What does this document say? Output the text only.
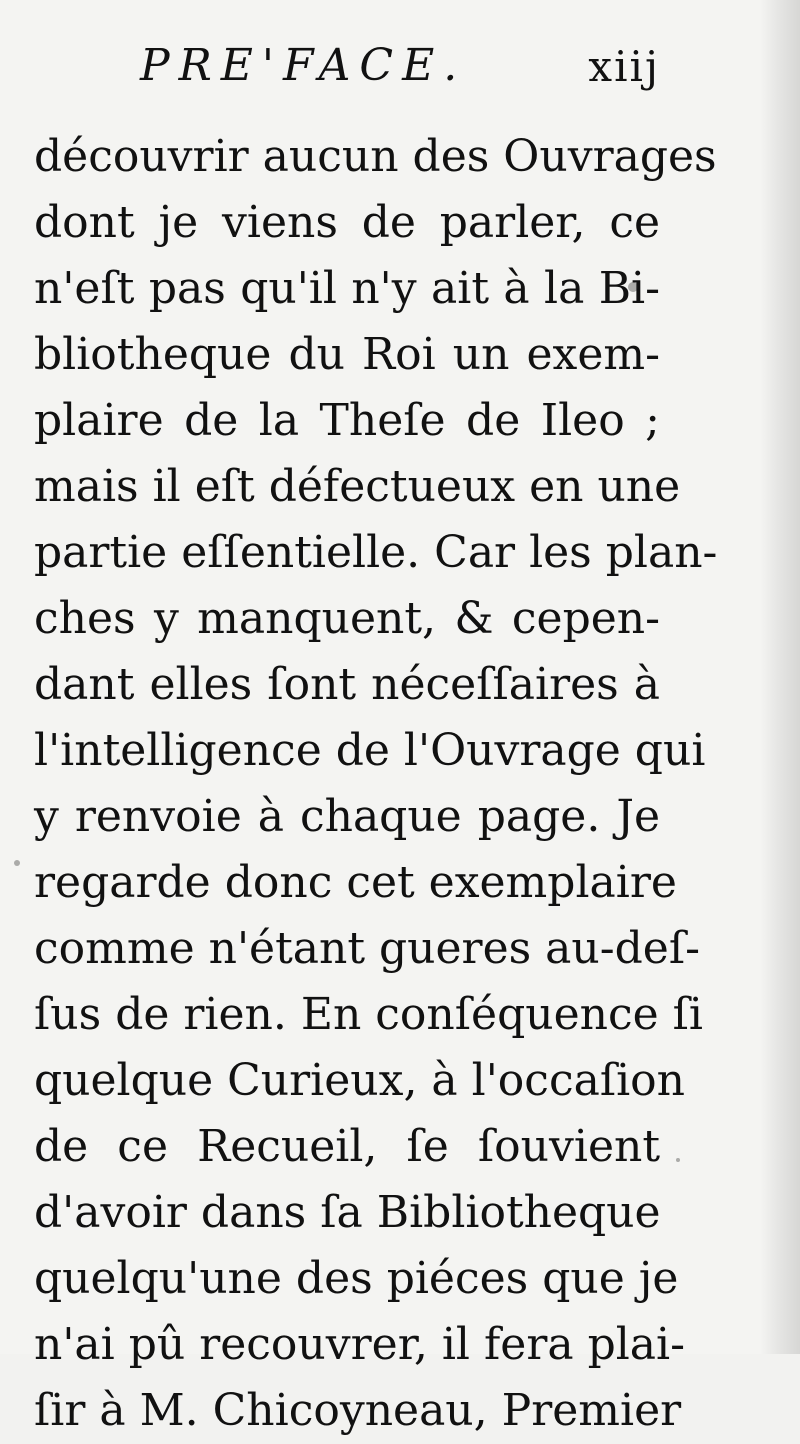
PRE'FACE.	xiij
découvrir aucun des Ouvrages
dont je viens de parler, ce
n'eſt pas qu'il n'y ait à la Bi-
bliotheque du Roi un exem-
plaire de la Theſe de Ileo ;
mais il eſt défectueux en une
partie eſſentielle. Car les plan-
ches y manquent, & cepen-
dant elles ſont néceſſaires à
l'intelligence de l'Ouvrage qui
y renvoie à chaque page. Je
regarde donc cet exemplaire
comme n'étant gueres au-deſ-
ſus de rien. En conſéquence ſi
quelque Curieux, à l'occaſion
de ce Recueil, ſe ſouvient
d'avoir dans ſa Bibliotheque
quelqu'une des piéces que je
n'ai pû recouvrer, il fera plai-
ſir à M. Chicoyneau, Premier
